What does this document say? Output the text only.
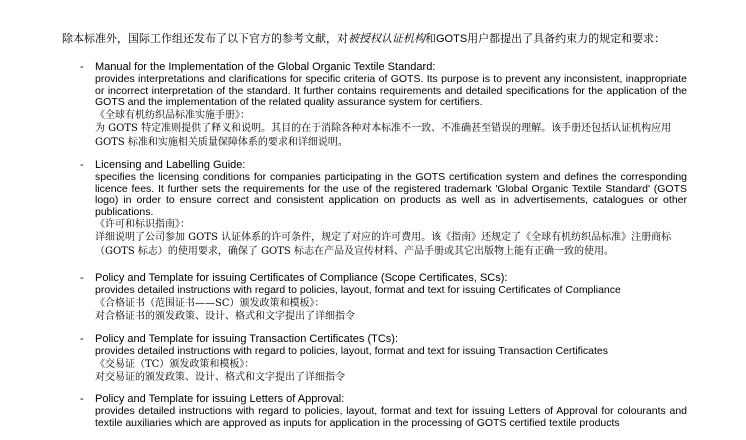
除本标准外，国际工作组还发布了以下官方的参考文献，对被授权认证机构和GOTS用户都提出了具备约束力的规定和要求：
- Manual for the Implementation of the Global Organic Textile Standard:
provides interpretations and clarifications for specific criteria of GOTS. Its purpose is to prevent any inconsistent, inappropriate or incorrect interpretation of the standard. It further contains requirements and detailed specifications for the application of the GOTS and the implementation of the related quality assurance system for certifiers.
《全球有机纺织品标准实施手册》：
为 GOTS 特定准则提供了释义和说明。其目的在于消除各种对本标准不一致、不准确甚至错误的理解。该手册还包括认证机构应用 GOTS 标准和实施相关质量保障体系的要求和详细说明。
- Licensing and Labelling Guide:
specifies the licensing conditions for companies participating in the GOTS certification system and defines the corresponding licence fees. It further sets the requirements for the use of the registered trademark 'Global Organic Textile Standard' (GOTS logo) in order to ensure correct and consistent application on products as well as in advertisements, catalogues or other publications.
《许可和标识指南》：
详细说明了公司参加 GOTS 认证体系的许可条件，规定了对应的许可费用。该《指南》还规定了《全球有机纺织品标准》注册商标（GOTS 标志）的使用要求，确保了 GOTS 标志在产品及宣传材料、产品手册或其它出版物上能有正确一致的使用。
- Policy and Template for issuing Certificates of Compliance (Scope Certificates, SCs):
provides detailed instructions with regard to policies, layout, format and text for issuing Certificates of Compliance
《合格证书（范围证书——SC）颁发政策和模板》：
对合格证书的颁发政策、设计、格式和文字提出了详细指令
- Policy and Template for issuing Transaction Certificates (TCs):
provides detailed instructions with regard to policies, layout, format and text for issuing Transaction Certificates
《交易证（TC）颁发政策和模板》：
对交易证的颁发政策、设计、格式和文字提出了详细指令
- Policy and Template for issuing Letters of Approval:
provides detailed instructions with regard to policies, layout, format and text for issuing Letters of Approval for colourants and textile auxiliaries which are approved as inputs for application in the processing of GOTS certified textile products
